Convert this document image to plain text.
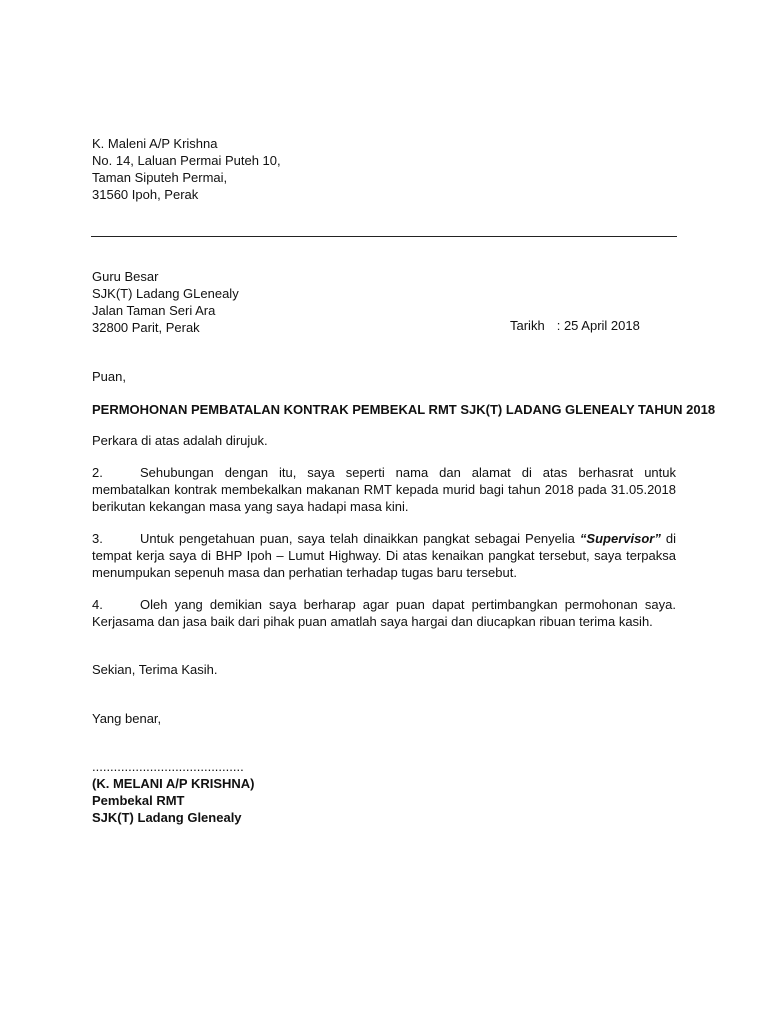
K. Maleni A/P Krishna
No. 14, Laluan Permai Puteh 10,
Taman Siputeh Permai,
31560 Ipoh, Perak
Guru Besar
SJK(T) Ladang GLenealy
Jalan Taman Seri Ara
32800 Parit, Perak	Tarikh : 25 April 2018
Puan,
PERMOHONAN PEMBATALAN KONTRAK PEMBEKAL RMT SJK(T) LADANG GLENEALY TAHUN 2018
Perkara di atas adalah dirujuk.
2.	Sehubungan dengan itu, saya seperti nama dan alamat di atas berhasrat untuk membatalkan kontrak membekalkan makanan RMT kepada murid bagi tahun 2018 pada 31.05.2018 berikutan kekangan masa yang saya hadapi masa kini.
3.	Untuk pengetahuan puan, saya telah dinaikkan pangkat sebagai Penyelia “Supervisor” di tempat kerja saya di BHP Ipoh – Lumut Highway. Di atas kenaikan pangkat tersebut, saya terpaksa menumpukan sepenuh masa dan perhatian terhadap tugas baru tersebut.
4.	Oleh yang demikian saya berharap agar puan dapat pertimbangkan permohonan saya. Kerjasama dan jasa baik dari pihak puan amatlah saya hargai dan diucapkan ribuan terima kasih.
Sekian, Terima Kasih.
Yang benar,
..........................................
(K. MELANI A/P KRISHNA)
Pembekal RMT
SJK(T) Ladang Glenealy
